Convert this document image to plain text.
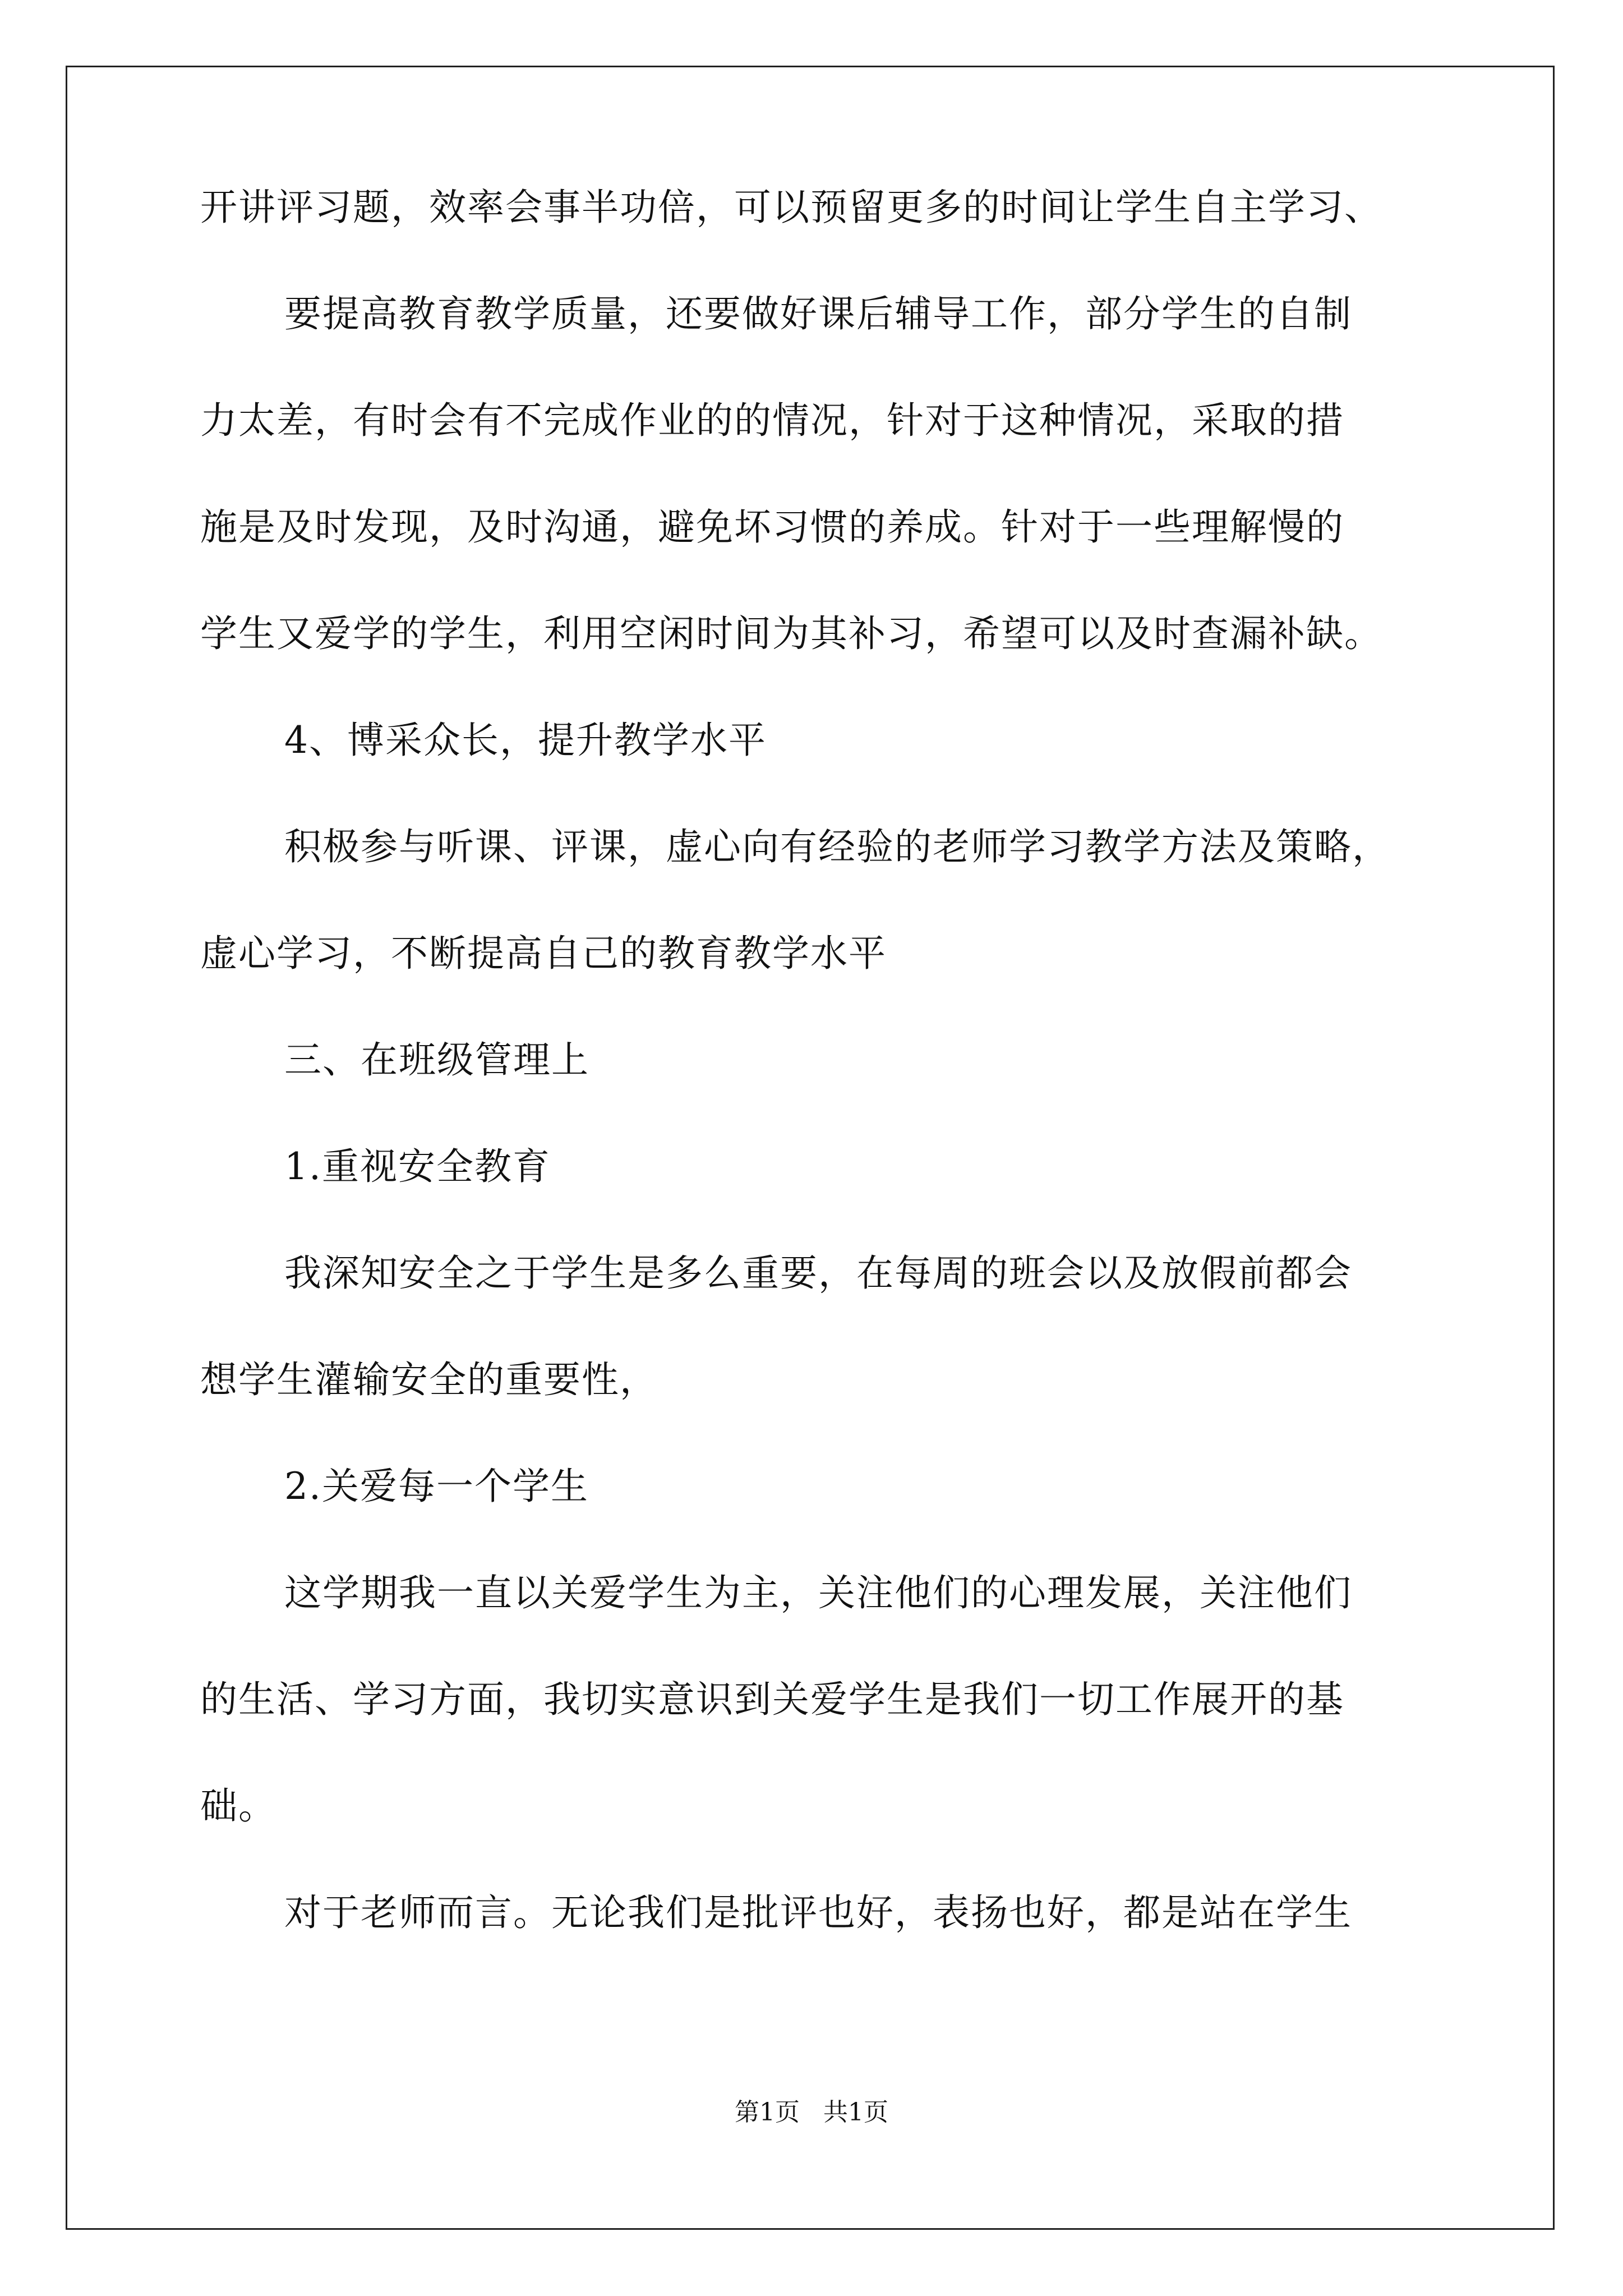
开讲评习题，效率会事半功倍，可以预留更多的时间让学生自主学习、
要提高教育教学质量，还要做好课后辅导工作，部分学生的自制
力太差，有时会有不完成作业的的情况，针对于这种情况，采取的措
施是及时发现，及时沟通，避免坏习惯的养成。针对于一些理解慢的
学生又爱学的学生，利用空闲时间为其补习，希望可以及时查漏补缺。
4、博采众长，提升教学水平
积极参与听课、评课，虚心向有经验的老师学习教学方法及策略，
虚心学习，不断提高自己的教育教学水平
三、在班级管理上
1.重视安全教育
我深知安全之于学生是多么重要，在每周的班会以及放假前都会
想学生灌输安全的重要性，
2.关爱每一个学生
这学期我一直以关爱学生为主，关注他们的心理发展，关注他们
的生活、学习方面，我切实意识到关爱学生是我们一切工作展开的基
础。
对于老师而言。无论我们是批评也好，表扬也好，都是站在学生
第1页 共1页
